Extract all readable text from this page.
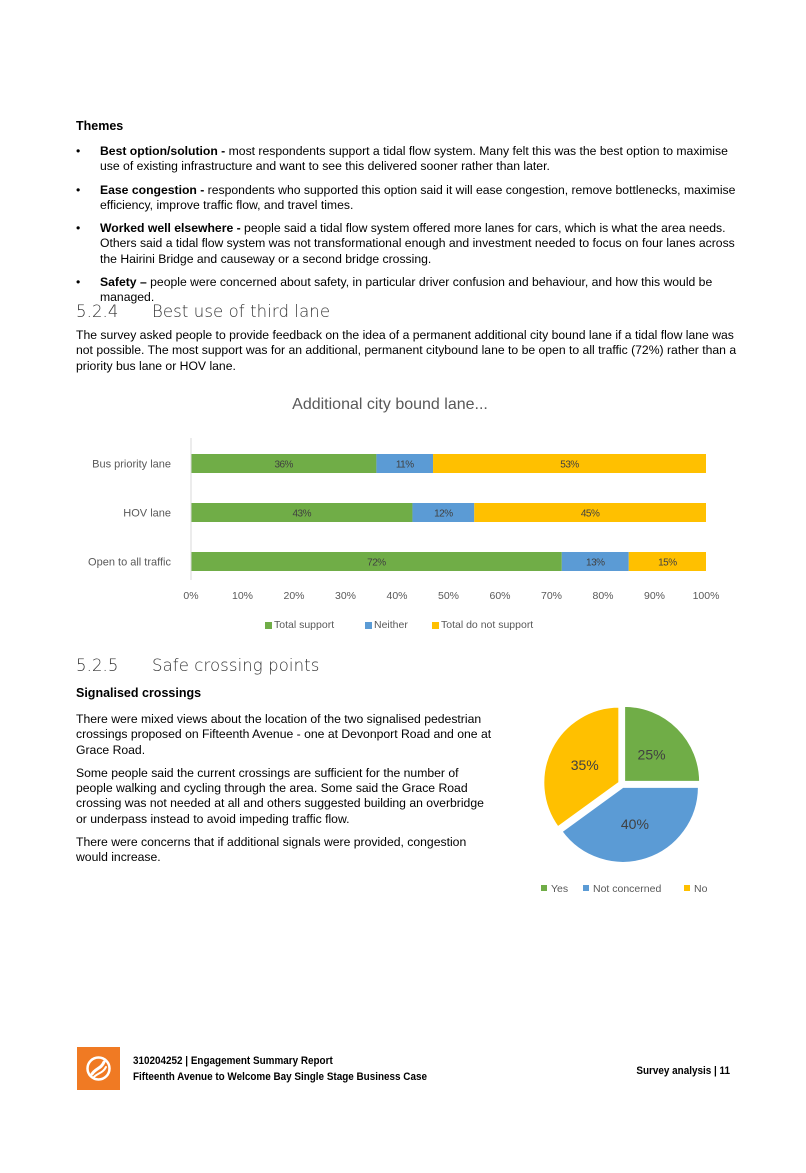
Themes
• Best option/solution - most respondents support a tidal flow system. Many felt this was the best option to maximise use of existing infrastructure and want to see this delivered sooner rather than later.
• Ease congestion - respondents who supported this option said it will ease congestion, remove bottlenecks, maximise efficiency, improve traffic flow, and travel times.
• Worked well elsewhere - people said a tidal flow system offered more lanes for cars, which is what the area needs. Others said a tidal flow system was not transformational enough and investment needed to focus on four lanes across the Hairini Bridge and causeway or a second bridge crossing.
• Safety – people were concerned about safety, in particular driver confusion and behaviour, and how this would be managed.
5.2.4 Best use of third lane

The survey asked people to provide feedback on the idea of a permanent additional city bound lane if a tidal flow lane was not possible. The most support was for an additional, permanent citybound lane to be open to all traffic (72%) rather than a priority bus lane or HOV lane.

Additional city bound lane...
Bus priority lane	36%	11%	53%
HOV lane	43%	12%	45%
Open to all traffic	72%	13%	15%
0%	10%	20%	30%	40%	50%	60%	70%	80%	90%	100%
Total support	Neither	Total do not support
5.2.5 Safe crossing points
Signalised crossings

There were mixed views about the location of the two signalised pedestrian crossings proposed on Fifteenth Avenue - one at Devonport Road and one at Grace Road.

Some people said the current crossings are sufficient for the number of people walking and cycling through the area. Some said the Grace Road crossing was not needed at all and others suggested building an overbridge or underpass instead to avoid impeding traffic flow.

There were concerns that if additional signals were provided, congestion would increase.

25%
40%
35%
Yes Not concerned	No
310204252 | Engagement Summary Report
Fifteenth Avenue to Welcome Bay Single Stage Business Case	Survey analysis | 11
